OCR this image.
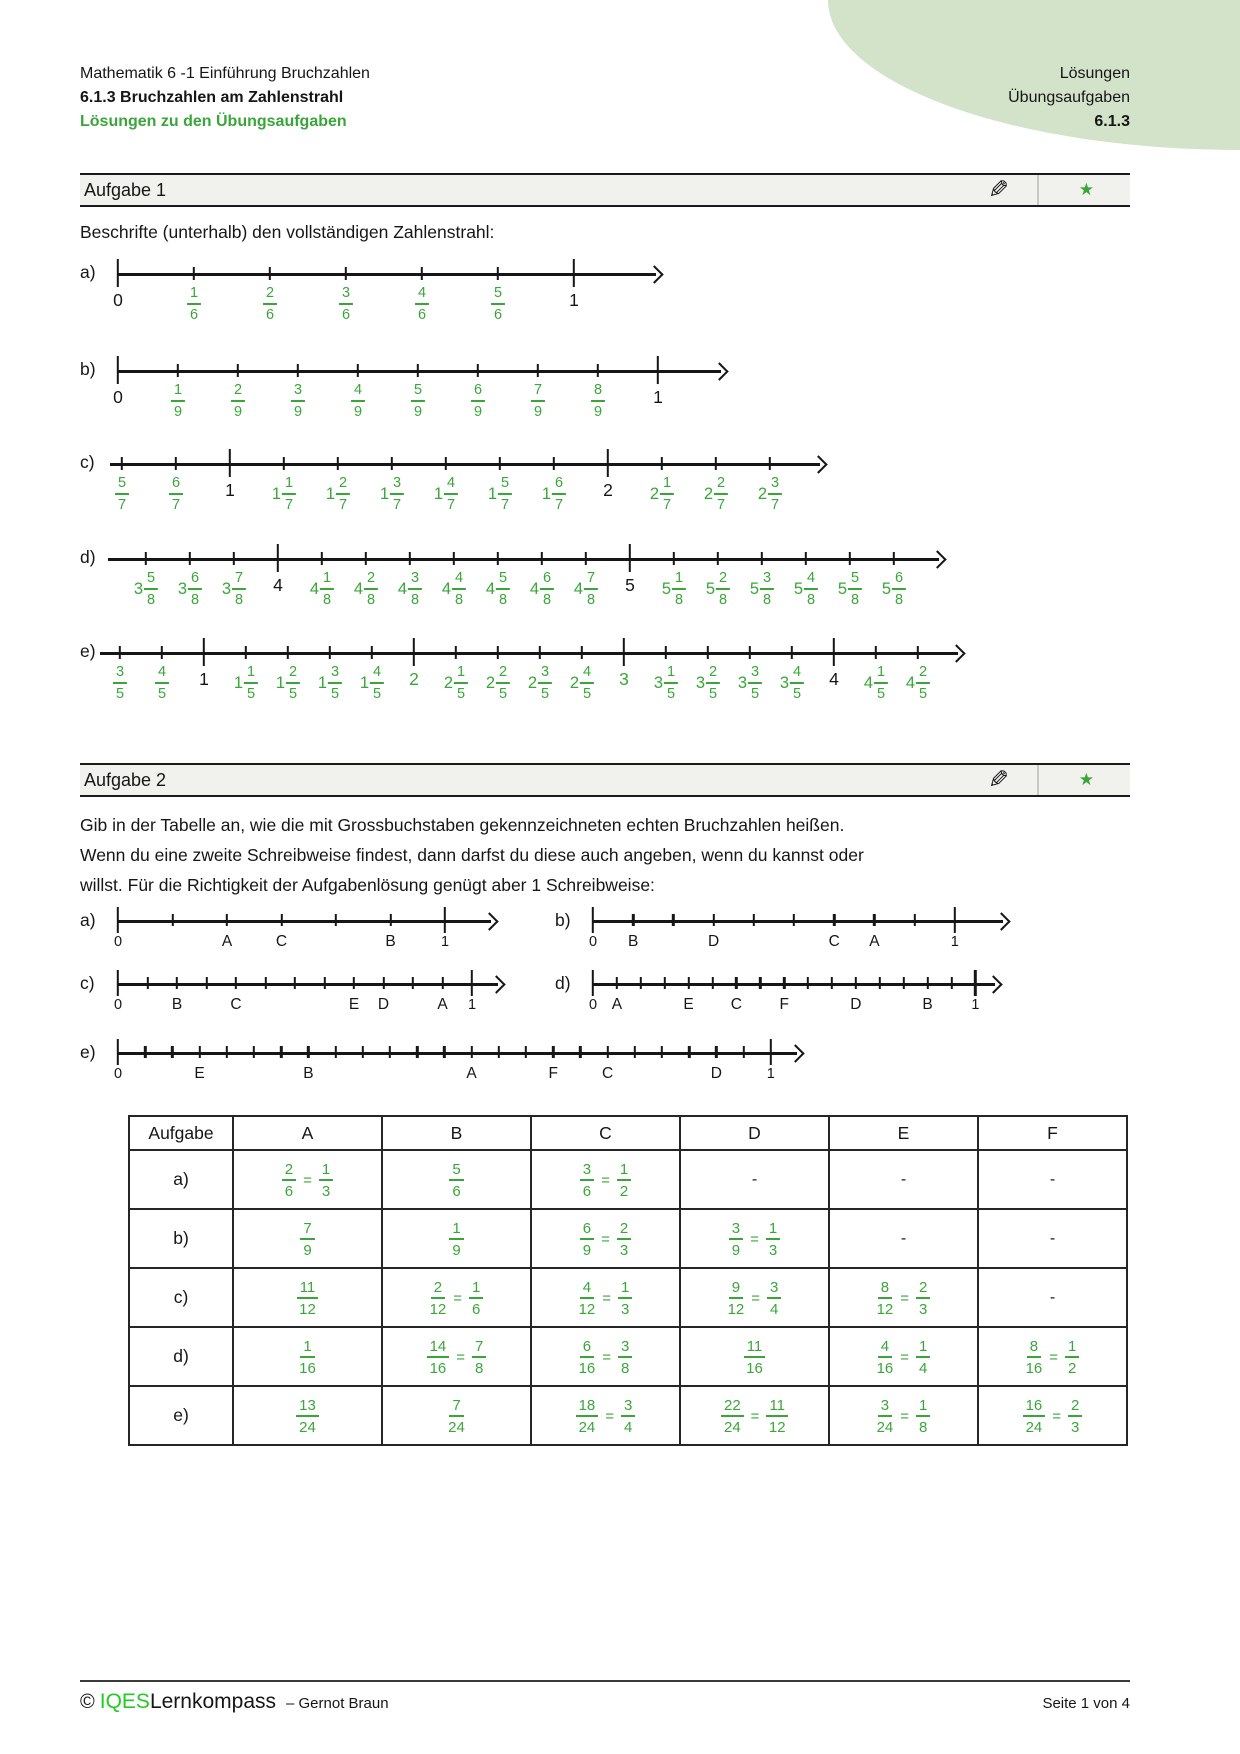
Mathematik 6 -1 Einführung Bruchzahlen
6.1.3 Bruchzahlen am Zahlenstrahl
Lösungen zu den Übungsaufgaben
Lösungen
Übungsaufgaben
6.1.3
Aufgabe 1	✎	★

Beschrifte (unterhalb) den vollständigen Zahlenstrahl:

a)
0	$\frac{1}{6}$	$\frac{2}{6}$	$\frac{3}{6}$	$\frac{4}{6}$	$\frac{5}{6}$	1
b)
0	$\frac{1}{9}$	$\frac{2}{9}$	$\frac{3}{9}$	$\frac{4}{9}$	$\frac{5}{9}$	$\frac{6}{9}$	$\frac{7}{9}$	$\frac{8}{9}$	1
c)
$\frac{5}{7}$	$\frac{6}{7} 1$ $1 \frac{1}{7} 1 \frac{2}{7} 1 \frac{3}{7} 1 \frac{4}{7} 1 \frac{5}{7} 1 \frac{6}{7} 2$ $2 \frac{1}{7} 2 \frac{2}{7} 2 \frac{3}{7}$
d)
$3 \frac{5}{8} 3 \frac{6}{8} 3 \frac{7}{8} 4$ $4 \frac{1}{8} 4 \frac{2}{8} 4 \frac{3}{8} 4 \frac{4}{8} 4 \frac{5}{8} 4 \frac{6}{8} 4 \frac{7}{8} 5$ $5 \frac{1}{8} 5 \frac{2}{8} 5 \frac{3}{8} 5 \frac{4}{8} 5 \frac{5}{8} 5 \frac{6}{8}$
e)
$\frac{3}{5} \frac{4}{5} 1$ $1 \frac{1}{5} 1 \frac{2}{5} 1 \frac{3}{5} 1 \frac{4}{5} 2$ $2 \frac{1}{5} 2 \frac{2}{5} 2 \frac{3}{5} 2 \frac{4}{5} 3$ $3 \frac{1}{5} 3 \frac{2}{5} 3 \frac{3}{5} 3 \frac{4}{5} 4$ $4 \frac{1}{5} 4 \frac{2}{5}$
Aufgabe 2	✎	★
Gib in der Tabelle an, wie die mit Grossbuchstaben gekennzeichneten echten Bruchzahlen heißen.
Wenn du eine zweite Schreibweise findest, dann darfst du diese auch angeben, wenn du kannst oder
willst. Für die Richtigkeit der Aufgabenlösung genügt aber 1 Schreibweise:
a)
0	1
A	C	B
b)
0	1
B	D	C A
c)
0	1
B	C	E D	A
d)
0	1
A	E C F	D	B
e)
0	1
E	B	A	F	C	D
Aufgabe	A	B	C	D	E	F
a)	$\frac{2}{6} = \frac{1}{3}$	$\frac{5}{6}$	$\frac{3}{6} = \frac{1}{2}$	-	-	-
b)	$\frac{7}{9}$	$\frac{1}{9}$	$\frac{6}{9} = \frac{2}{3}$	$\frac{3}{9} = \frac{1}{3}$	-	-
c)	$\frac{11}{12}$	$\frac{2}{12} = \frac{1}{6}$	$\frac{4}{12} = \frac{1}{3}$	$\frac{9}{12} = \frac{3}{4}$	$\frac{8}{12} = \frac{2}{3}$	-
d)	$\frac{1}{16}$	$\frac{14}{16} = \frac{7}{8}$	$\frac{6}{16} = \frac{3}{8}$	$\frac{11}{16}$	$\frac{4}{16} = \frac{1}{4}$	$\frac{8}{16} = \frac{1}{2}$

e)	$\frac{13}{24}$	$\frac{7}{24}$	$\frac{18}{24} = \frac{3}{4}$	$\frac{22}{24} = \frac{11}{12}$	$\frac{3}{24} = \frac{1}{8}$	$\frac{16}{24} = \frac{2}{3}$
© IQES Lernkompass – Gernot Braun	Seite 1 von 4
